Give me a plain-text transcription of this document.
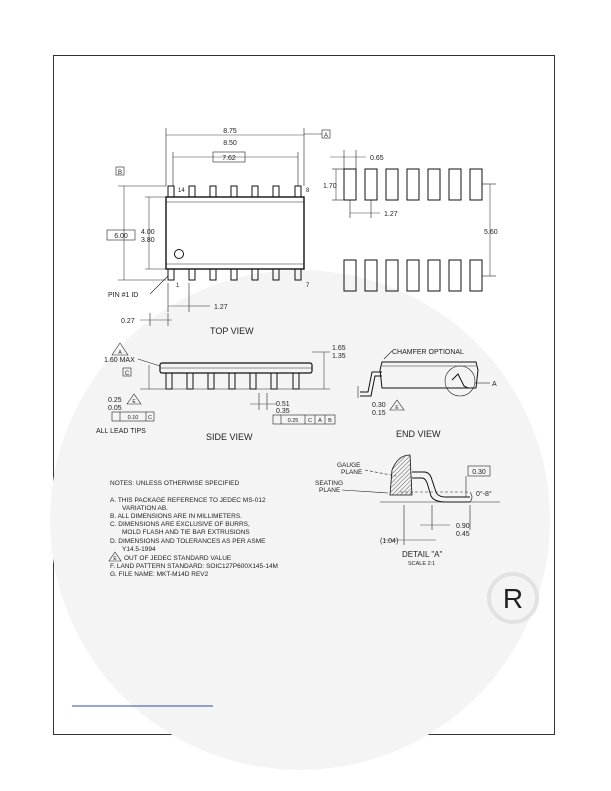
R
8.75
8.50
A
7.62
B
14	8
1	7
4.00
3.80
6.00
PIN #1 ID
1.27
0.27
TOP VIEW
0.65
1.70
1.27
5.60
A
1.60 MAX
1.65
1.35
C
0.25
0.05
E
0.10 C
ALL LEAD TIPS
0.51
0.35
0.25 C A B
SIDE VIEW
CHAMFER OPTIONAL
A
0.30
0.15
E
END VIEW
GAUGE
PLANE
SEATING
PLANE
0.30
0°-8°
0.90
0.45
(1.04)
DETAIL "A"
SCALE 2:1
NOTES: UNLESS OTHERWISE SPECIFIED
A. THIS PACKAGE REFERENCE TO JEDEC MS-012
VARIATION AB.
B. ALL DIMENSIONS ARE IN MILLIMETERS.
C. DIMENSIONS ARE EXCLUSIVE OF BURRS,
MOLD FLASH AND TIE BAR EXTRUSIONS
D. DIMENSIONS AND TOLERANCES AS PER ASME
Y14.5-1994
E OUT OF JEDEC STANDARD VALUE
F. LAND PATTERN STANDARD: SOIC127P600X145-14M
G. FILE NAME: MKT-M14D REV2
